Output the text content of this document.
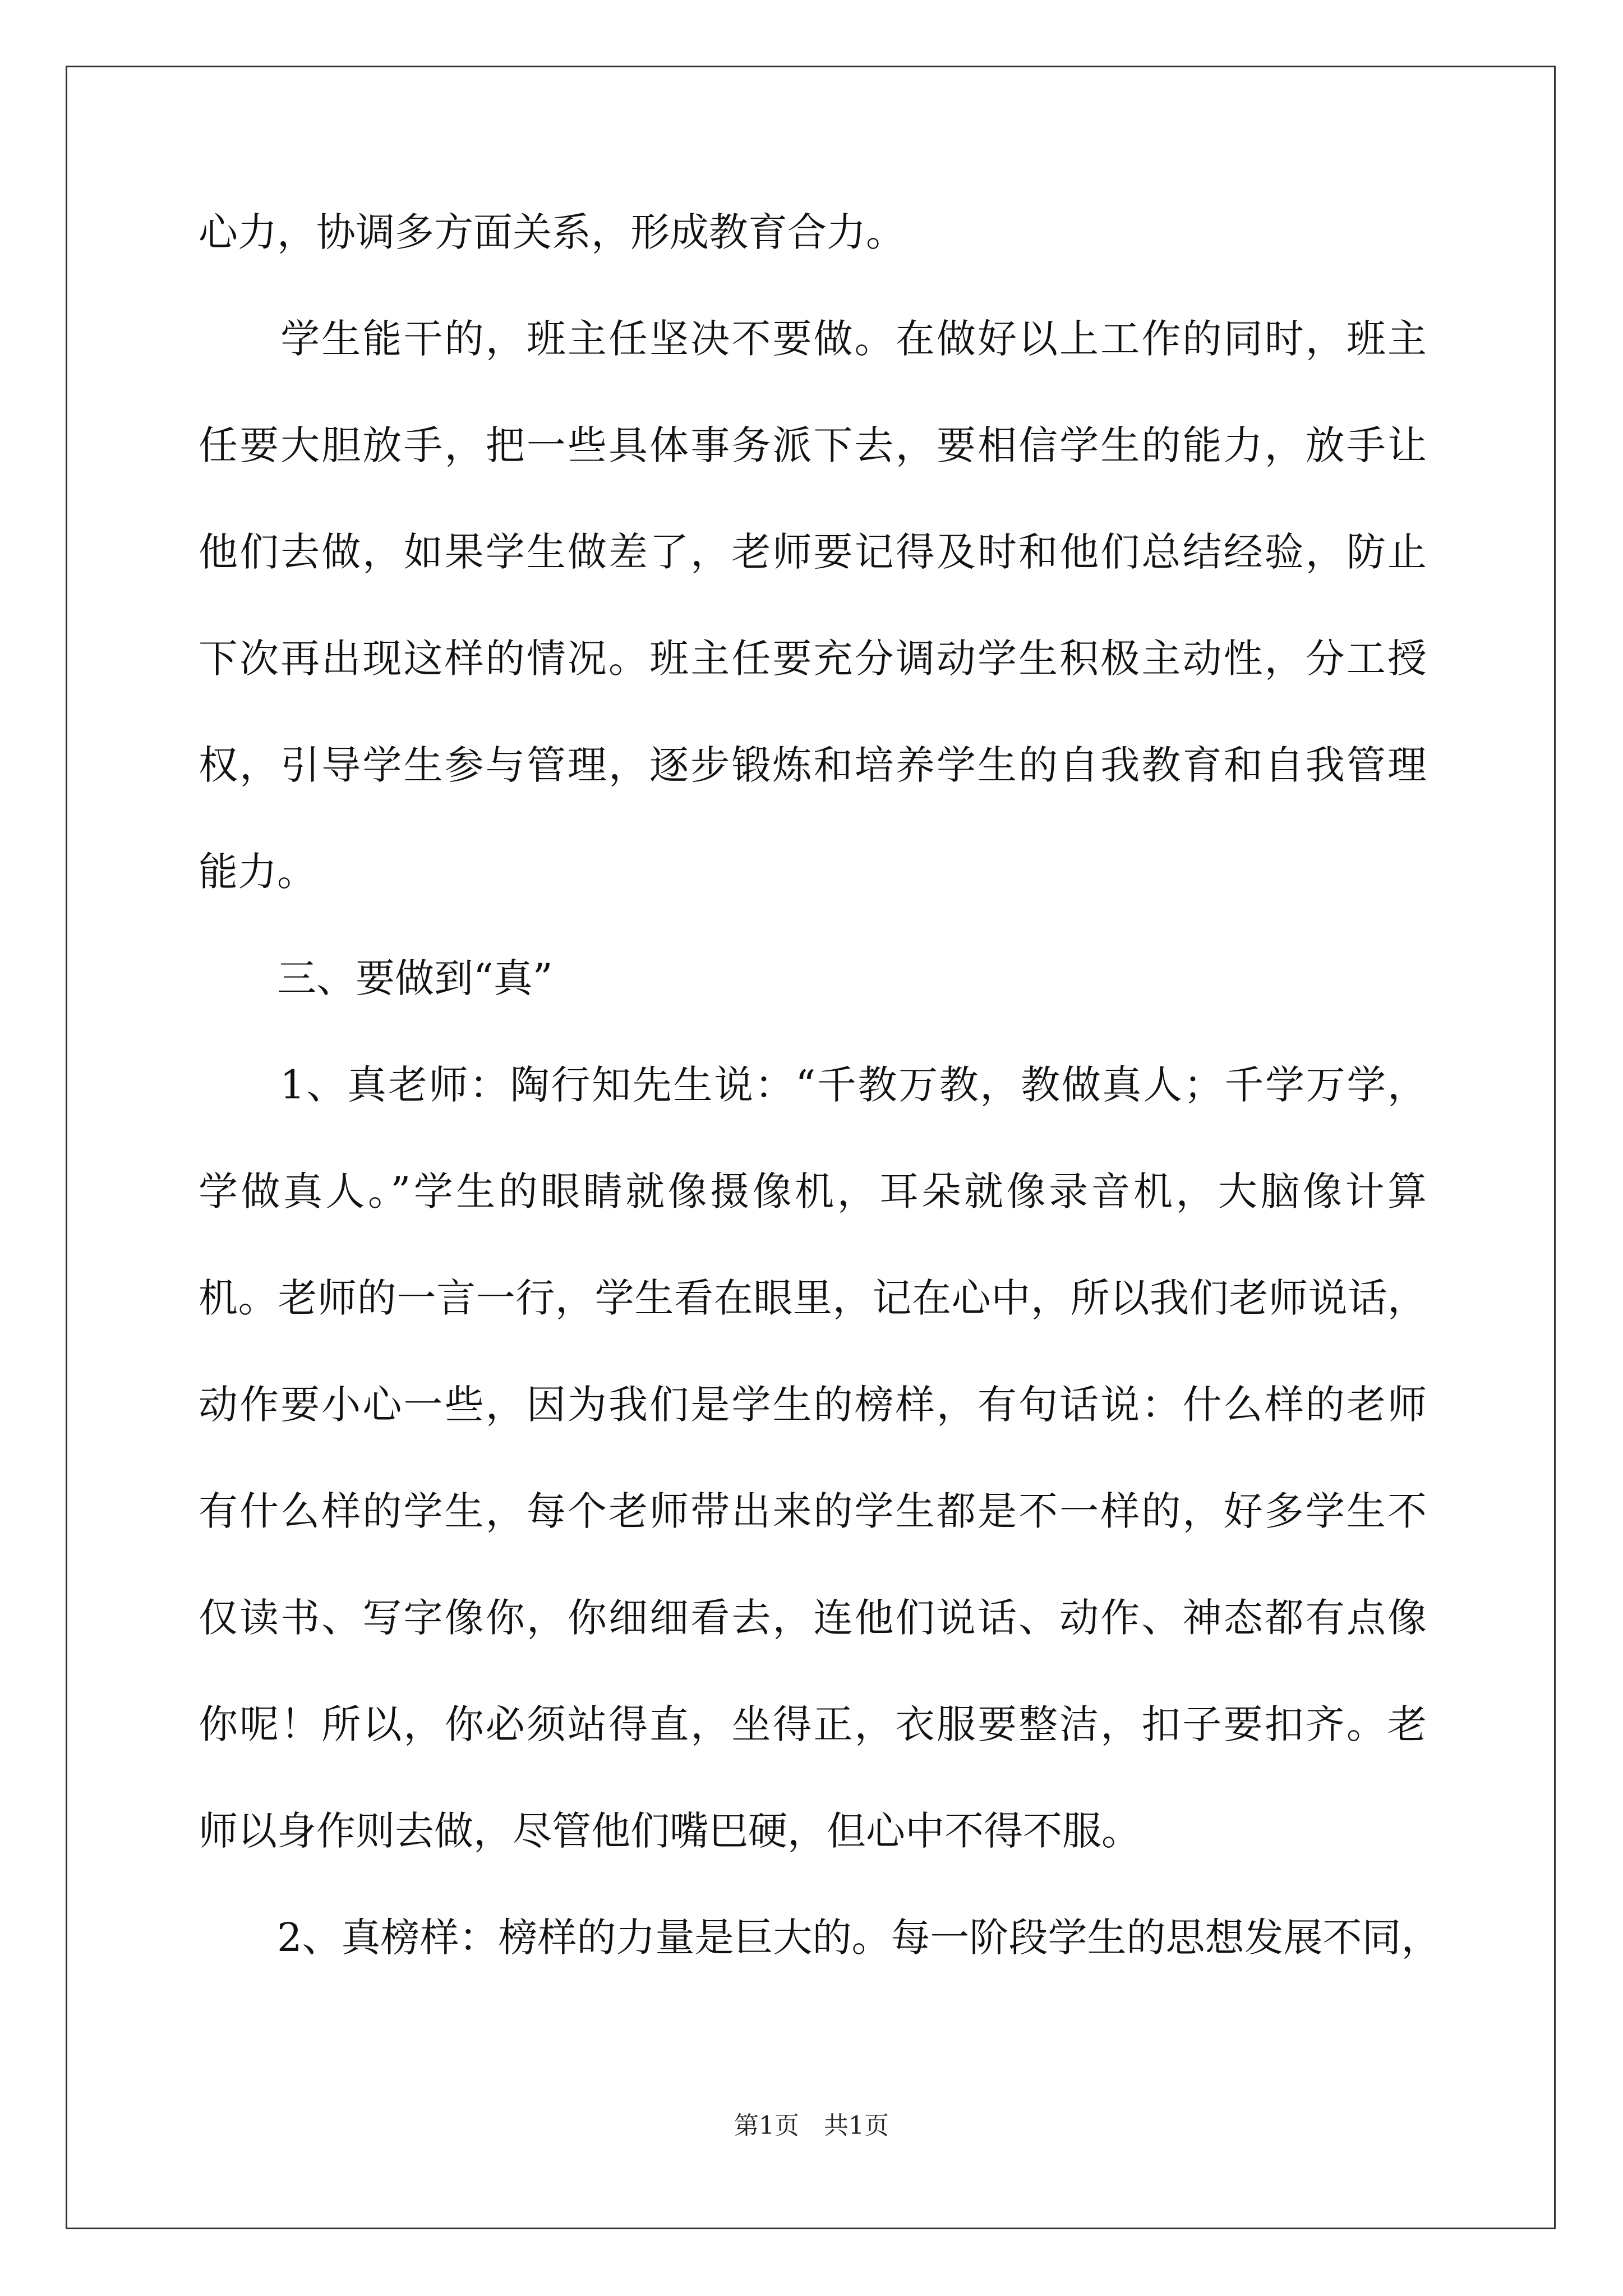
心力，协调多方面关系，形成教育合力。
　　学生能干的，班主任坚决不要做。在做好以上工作的同时，班主
任要大胆放手，把一些具体事务派下去，要相信学生的能力，放手让
他们去做，如果学生做差了，老师要记得及时和他们总结经验，防止
下次再出现这样的情况。班主任要充分调动学生积极主动性，分工授
权，引导学生参与管理，逐步锻炼和培养学生的自我教育和自我管理
能力。
　　三、要做到“真”
　　1、真老师：陶行知先生说：“千教万教，教做真人；千学万学，
学做真人。”学生的眼睛就像摄像机，耳朵就像录音机，大脑像计算
机。老师的一言一行，学生看在眼里，记在心中，所以我们老师说话，
动作要小心一些，因为我们是学生的榜样，有句话说：什么样的老师
有什么样的学生，每个老师带出来的学生都是不一样的，好多学生不
仅读书、写字像你，你细细看去，连他们说话、动作、神态都有点像
你呢！所以，你必须站得直，坐得正，衣服要整洁，扣子要扣齐。老
师以身作则去做，尽管他们嘴巴硬，但心中不得不服。
　　2、真榜样：榜样的力量是巨大的。每一阶段学生的思想发展不同，
第1页　共1页
